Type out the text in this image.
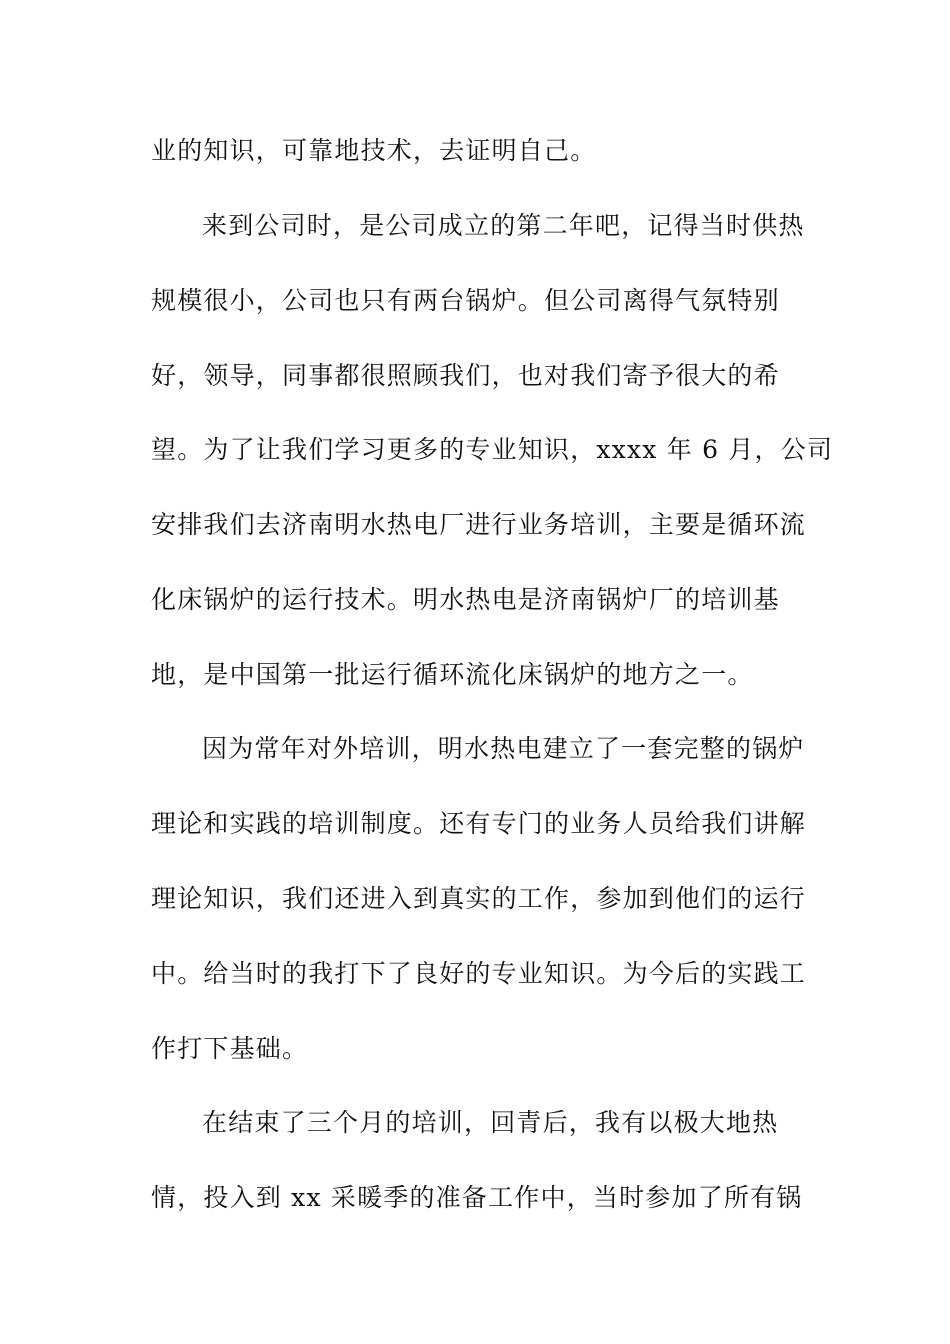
业的知识，可靠地技术，去证明自己。
来到公司时，是公司成立的第二年吧，记得当时供热
规模很小，公司也只有两台锅炉。但公司离得气氛特别
好，领导，同事都很照顾我们，也对我们寄予很大的希
望。为了让我们学习更多的专业知识，xxxx 年 6 月，公司
安排我们去济南明水热电厂进行业务培训，主要是循环流
化床锅炉的运行技术。明水热电是济南锅炉厂的培训基
地，是中国第一批运行循环流化床锅炉的地方之一。
因为常年对外培训，明水热电建立了一套完整的锅炉
理论和实践的培训制度。还有专门的业务人员给我们讲解
理论知识，我们还进入到真实的工作，参加到他们的运行
中。给当时的我打下了良好的专业知识。为今后的实践工
作打下基础。
在结束了三个月的培训，回青后，我有以极大地热
情，投入到 xx 采暖季的准备工作中，当时参加了所有锅
